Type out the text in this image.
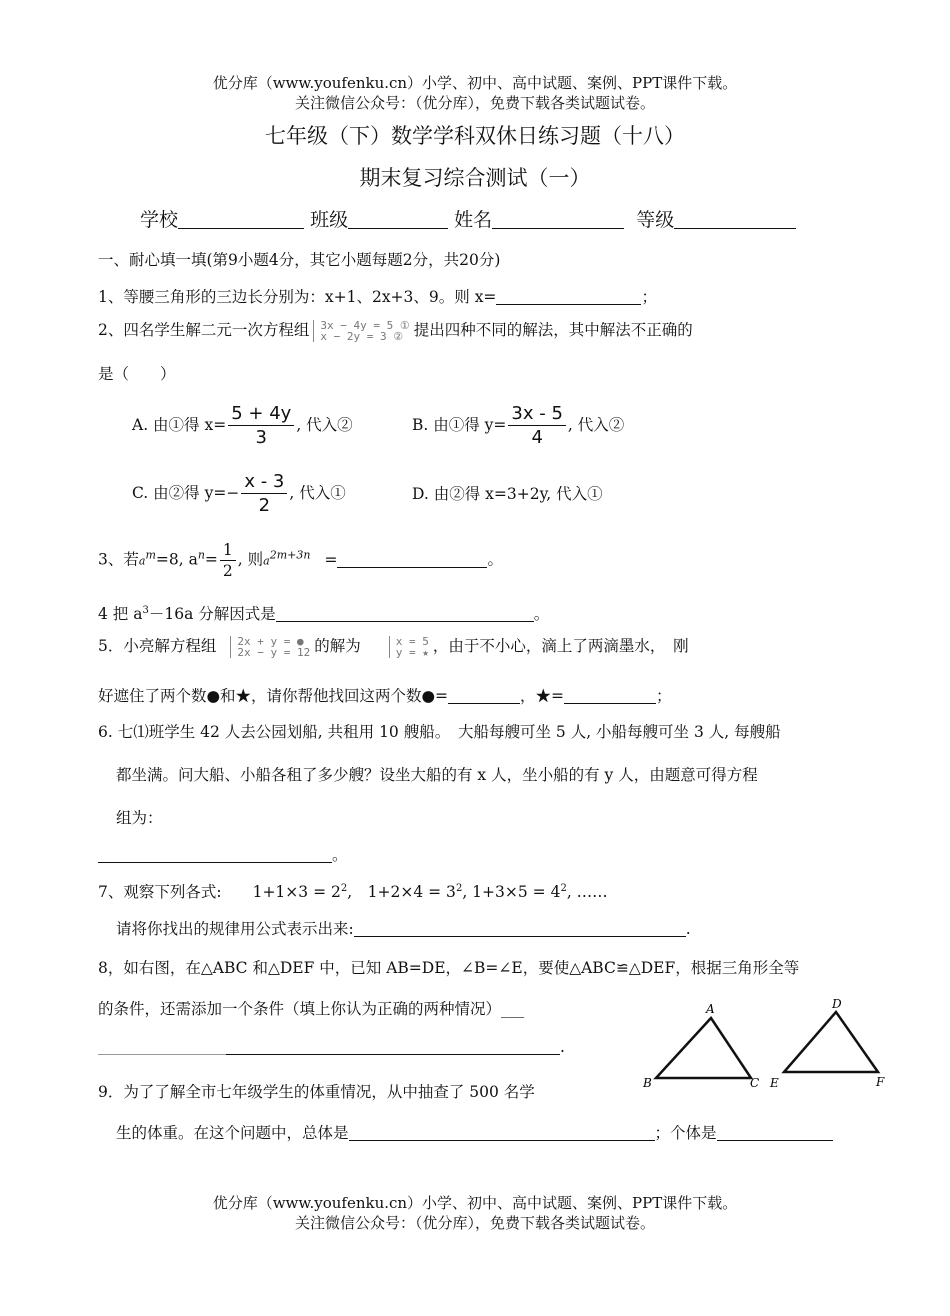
优分库（www.youfenku.cn）小学、初中、高中试题、案例、PPT课件下载。
关注微信公众号：（优分库），免费下载各类试题试卷。
七年级（下）数学学科双休日练习题（十八）
期末复习综合测试（一）
学校	班级	姓名	等级
一、耐心填一填(第9小题4分，其它小题每题2分，共20分)
1、等腰三角形的三边长分别为：x+1、2x+3、9。则 x=	；
2、四名学生解二元一次方程组 3x − 4y = 5 ①
x − 2y = 3 ② 提出四种不同的解法，其中解法不正确的
是（　　）
A. 由①得 $x= \frac{5 + 4y}{3}$ , 代入②	B. 由①得 $y= \frac{3x - 5}{4}$ , 代入②
C. 由②得 $y=- \frac{x - 3}{2}$ , 代入①	D. 由②得 x=3+2y, 代入①
3、若$a^m=8$, $a^n= \frac{1}{2}$ , 则$a^{2m+3n}$ =	。
4 把 $a^3-16a$ 分解因式是	。
5．小亮解方程组 2x + y = ●
2x − y = 12 的解为	x = 5
y = ★ ，由于不小心，滴上了两滴墨水，　刚
好遮住了两个数●和★，请你帮他找回这两个数●=	，★=	；
6. 七⑴班学生 42 人去公园划船, 共租用 10 艘船。　大船每艘可坐 5 人, 小船每艘可坐 3 人, 每艘船
都坐满。问大船、小船各租了多少艘？设坐大船的有 x 人，坐小船的有 y 人，由题意可得方程
组为：
。
7、观察下列各式:　　$1+1\times 3 = 2^2$,　$1+2\times 4 = 3^2$, $1+3\times 5 = 4^2$, ……
请将你找出的规律用公式表示出来:	.
8，如右图，在△ABC 和△DEF 中，已知 AB=DE，∠B=∠E，要使△ABC≌△DEF，根据三角形全等
的条件，还需添加一个条件（填上你认为正确的两种情况）___
.
A
B	C
D
E	F
9．为了了解全市七年级学生的体重情况，从中抽查了 500 名学
生的体重。在这个问题中，总体是	；个体是
优分库（www.youfenku.cn）小学、初中、高中试题、案例、PPT课件下载。
关注微信公众号：（优分库），免费下载各类试题试卷。
